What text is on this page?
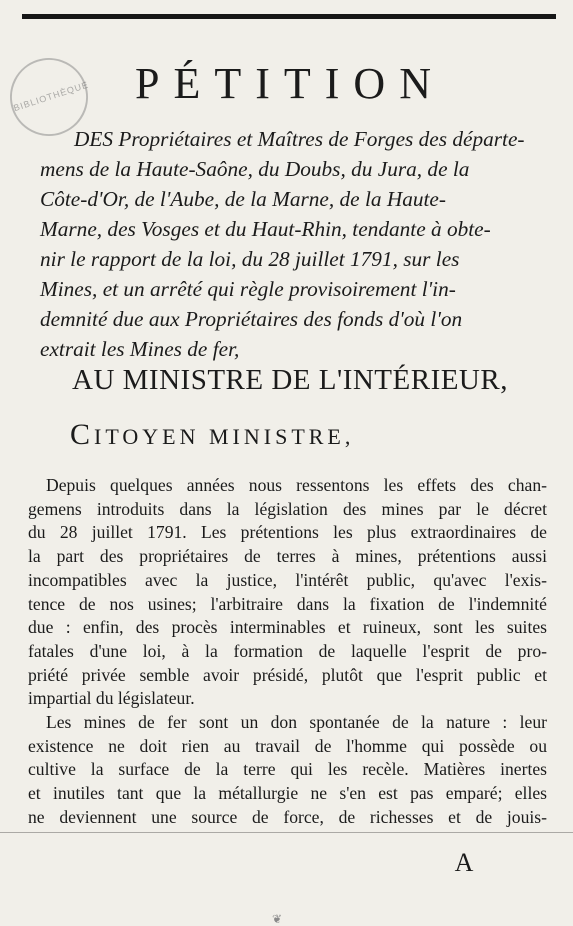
BIBLIOTHÈQUE	PÉTITION
DES Propriétaires et Maîtres de Forges des départe-
mens de la Haute-Saône, du Doubs, du Jura, de la
Côte-d'Or, de l'Aube, de la Marne, de la Haute-
Marne, des Vosges et du Haut-Rhin, tendante à obte-
nir le rapport de la loi, du 28 juillet 1791, sur les
Mines, et un arrêté qui règle provisoirement l'in-
demnité due aux Propriétaires des fonds d'où l'on
extrait les Mines de fer,
AU MINISTRE DE L'INTÉRIEUR,
CITOYEN MINISTRE,
Depuis quelques années nous ressentons les effets des chan-
gemens introduits dans la législation des mines par le décret
du 28 juillet 1791. Les prétentions les plus extraordinaires de
la part des propriétaires de terres à mines, prétentions aussi
incompatibles avec la justice, l'intérêt public, qu'avec l'exis-
tence de nos usines; l'arbitraire dans la fixation de l'indemnité
due : enfin, des procès interminables et ruineux, sont les suites
fatales d'une loi, à la formation de laquelle l'esprit de pro-
priété privée semble avoir présidé, plutôt que l'esprit public et
impartial du législateur.
Les mines de fer sont un don spontanée de la nature : leur
existence ne doit rien au travail de l'homme qui possède ou
cultive la surface de la terre qui les recèle. Matières inertes
et inutiles tant que la métallurgie ne s'en est pas emparé; elles
ne deviennent une source de force, de richesses et de jouis-
A
❦
